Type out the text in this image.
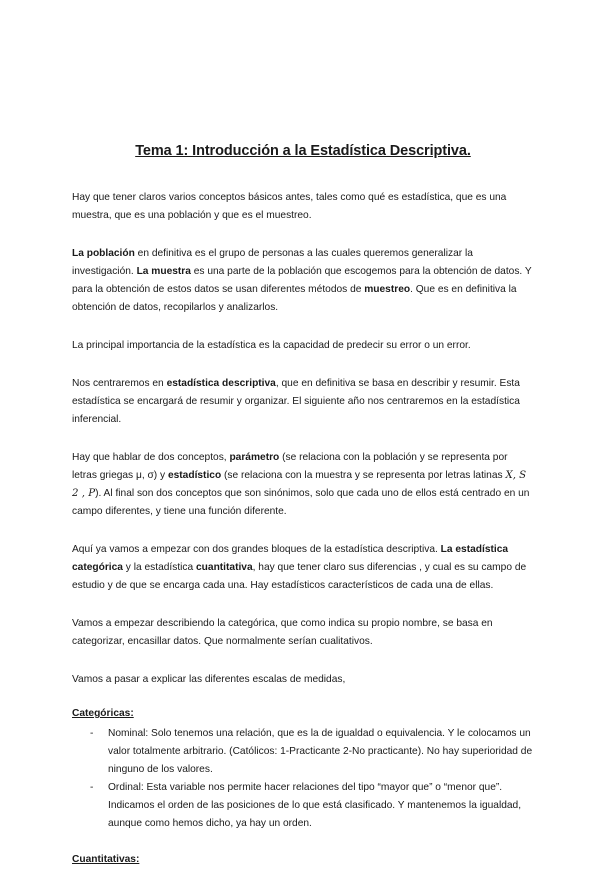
Tema 1: Introducción a la Estadística Descriptiva.

Hay que tener claros varios conceptos básicos antes, tales como qué es estadística, que es una muestra, que es una población y que es el muestreo.

La población en definitiva es el grupo de personas a las cuales queremos generalizar la investigación. La muestra es una parte de la población que escogemos para la obtención de datos. Y para la obtención de estos datos se usan diferentes métodos de muestreo. Que es en definitiva la obtención de datos, recopilarlos y analizarlos.

La principal importancia de la estadística es la capacidad de predecir su error o un error.

Nos centraremos en estadística descriptiva, que en definitiva se basa en describir y resumir. Esta estadística se encargará de resumir y organizar. El siguiente año nos centraremos en la estadística inferencial.

Hay que hablar de dos conceptos, parámetro (se relaciona con la población y se representa por letras griegas μ, σ) y estadístico (se relaciona con la muestra y se representa por letras latinas X, S 2 , P). Al final son dos conceptos que son sinónimos, solo que cada uno de ellos está centrado en un campo diferentes, y tiene una función diferente.

Aquí ya vamos a empezar con dos grandes bloques de la estadística descriptiva. La estadística categórica y la estadística cuantitativa, hay que tener claro sus diferencias , y cual es su campo de estudio y de que se encarga cada una. Hay estadísticos característicos de cada una de ellas.

Vamos a empezar describiendo la categórica, que como indica su propio nombre, se basa en categorizar, encasillar datos. Que normalmente serían cualitativos.

Vamos a pasar a explicar las diferentes escalas de medidas,

Categóricas:
- Nominal: Solo tenemos una relación, que es la de igualdad o equivalencia. Y le colocamos un valor totalmente arbitrario. (Católicos: 1-Practicante 2-No practicante). No hay superioridad de ninguno de los valores.
- Ordinal: Esta variable nos permite hacer relaciones del tipo “mayor que” o “menor que”. Indicamos el orden de las posiciones de lo que está clasificado. Y mantenemos la igualdad, aunque como hemos dicho, ya hay un orden.
Cuantitativas:
